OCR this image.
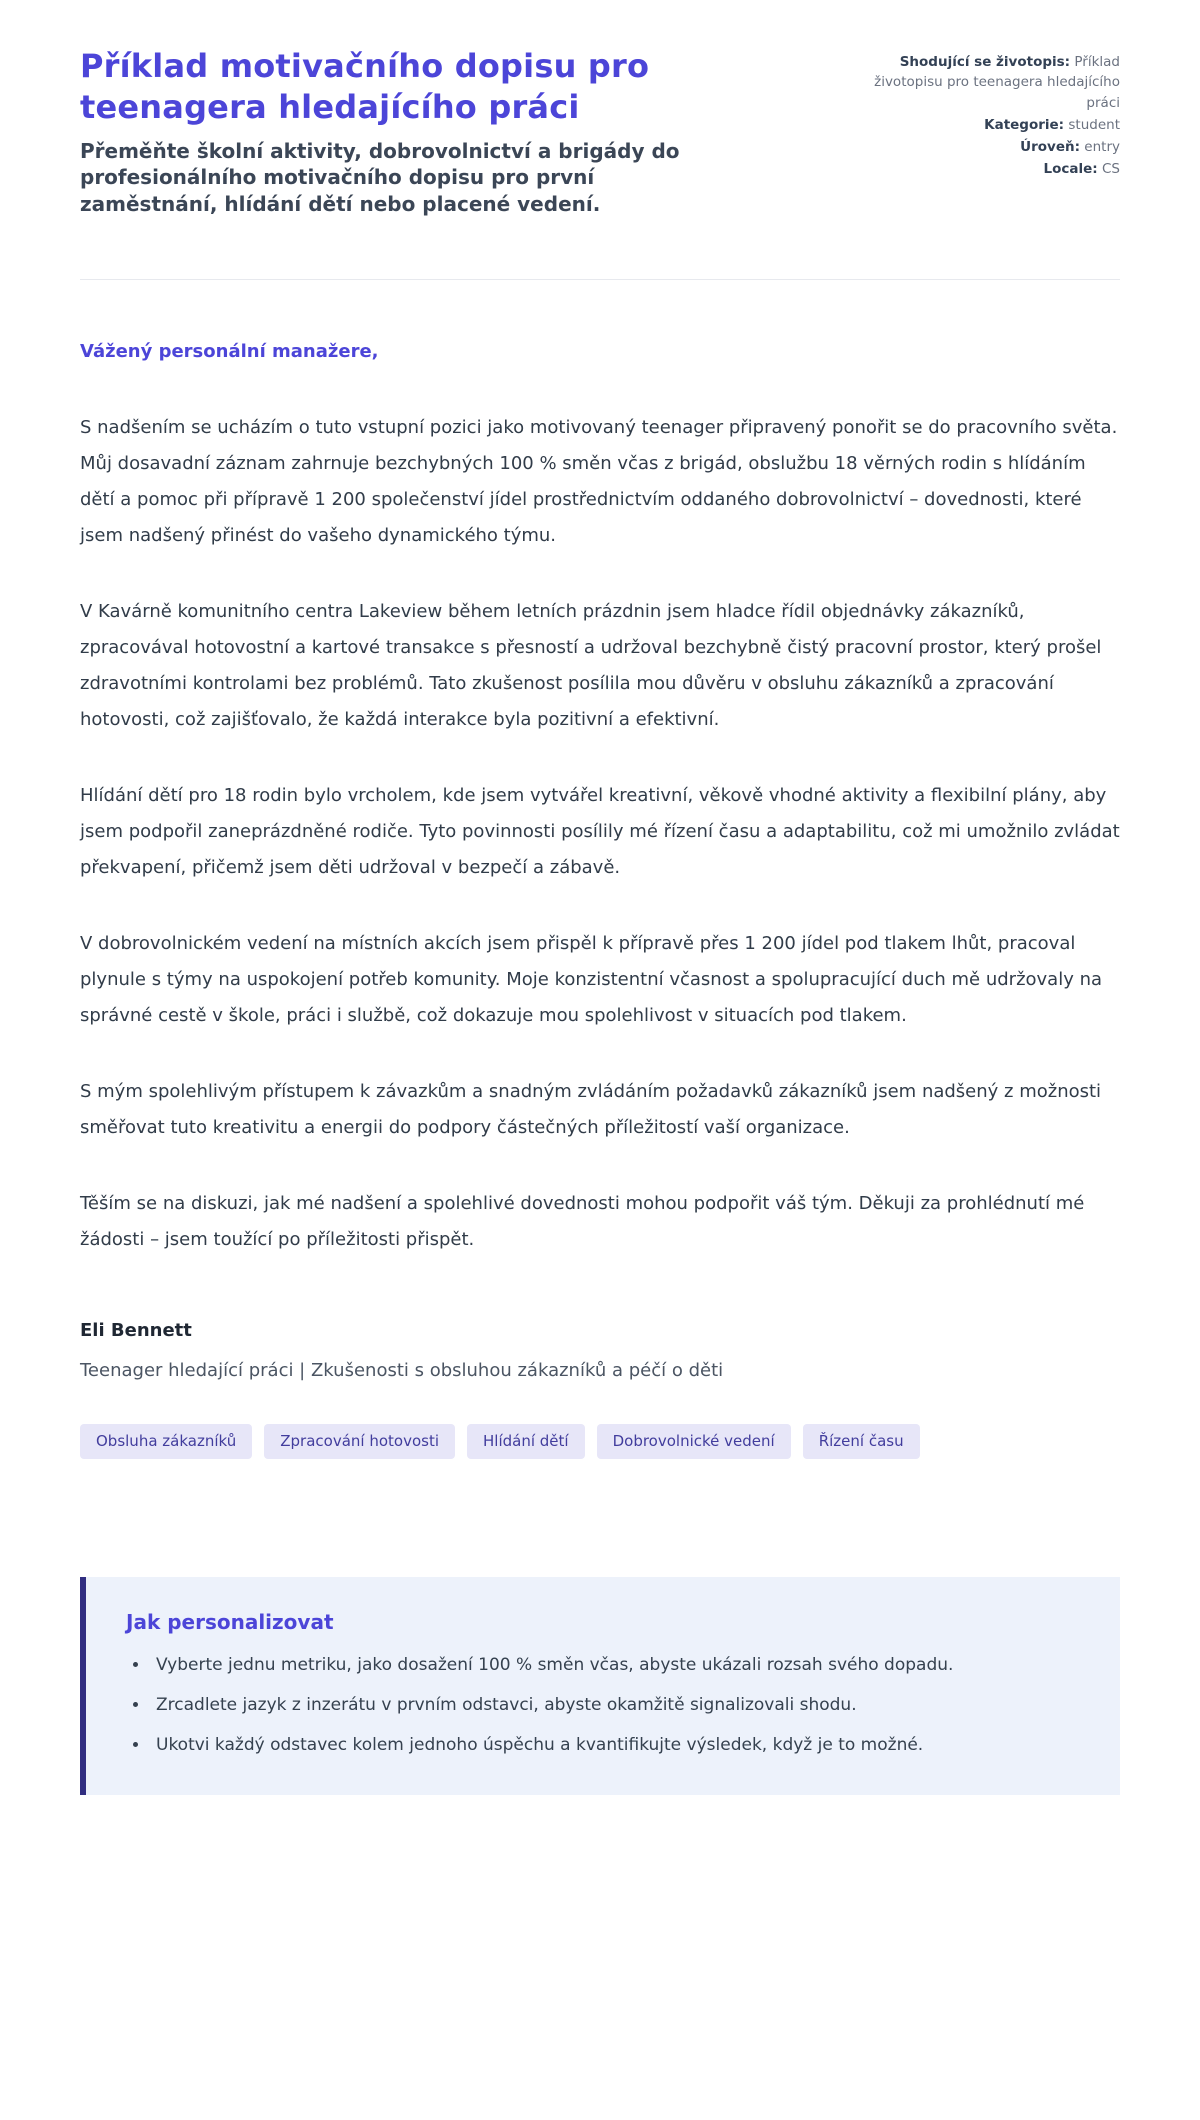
Příklad motivačního dopisu pro teenagera hledajícího práci

Přeměňte školní aktivity, dobrovolnictví a brigády do profesionálního motivačního dopisu pro první zaměstnání, hlídání dětí nebo placené vedení.

Shodující se životopis: Příklad životopisu pro teenagera hledajícího práci
Kategorie: student
Úroveň: entry
Locale: CS

Vážený personální manažere,

S nadšením se ucházím o tuto vstupní pozici jako motivovaný teenager připravený ponořit se do pracovního světa. Můj dosavadní záznam zahrnuje bezchybných 100 % směn včas z brigád, obslužbu 18 věrných rodin s hlídáním dětí a pomoc při přípravě 1 200 společenství jídel prostřednictvím oddaného dobrovolnictví – dovednosti, které jsem nadšený přinést do vašeho dynamického týmu.

V Kavárně komunitního centra Lakeview během letních prázdnin jsem hladce řídil objednávky zákazníků, zpracovával hotovostní a kartové transakce s přesností a udržoval bezchybně čistý pracovní prostor, který prošel zdravotními kontrolami bez problémů. Tato zkušenost posílila mou důvěru v obsluhu zákazníků a zpracování hotovosti, což zajišťovalo, že každá interakce byla pozitivní a efektivní.

Hlídání dětí pro 18 rodin bylo vrcholem, kde jsem vytvářel kreativní, věkově vhodné aktivity a flexibilní plány, aby jsem podpořil zaneprázdněné rodiče. Tyto povinnosti posílily mé řízení času a adaptabilitu, což mi umožnilo zvládat překvapení, přičemž jsem děti udržoval v bezpečí a zábavě.

V dobrovolnickém vedení na místních akcích jsem přispěl k přípravě přes 1 200 jídel pod tlakem lhůt, pracoval plynule s týmy na uspokojení potřeb komunity. Moje konzistentní včasnost a spolupracující duch mě udržovaly na správné cestě v škole, práci i službě, což dokazuje mou spolehlivost v situacích pod tlakem.

S mým spolehlivým přístupem k závazkům a snadným zvládáním požadavků zákazníků jsem nadšený z možnosti směřovat tuto kreativitu a energii do podpory částečných příležitostí vaší organizace.

Těším se na diskuzi, jak mé nadšení a spolehlivé dovednosti mohou podpořit váš tým. Děkuji za prohlédnutí mé žádosti – jsem toužící po příležitosti přispět.

Eli Bennett

Teenager hledající práci | Zkušenosti s obsluhou zákazníků a péčí o děti

Obsluha zákazníků	Zpracování hotovosti	Hlídání dětí	Dobrovolnické vedení	Řízení času
Jak personalizovat
• Vyberte jednu metriku, jako dosažení 100 % směn včas, abyste ukázali rozsah svého dopadu.
• Zrcadlete jazyk z inzerátu v prvním odstavci, abyste okamžitě signalizovali shodu.
• Ukotvi každý odstavec kolem jednoho úspěchu a kvantifikujte výsledek, když je to možné.
